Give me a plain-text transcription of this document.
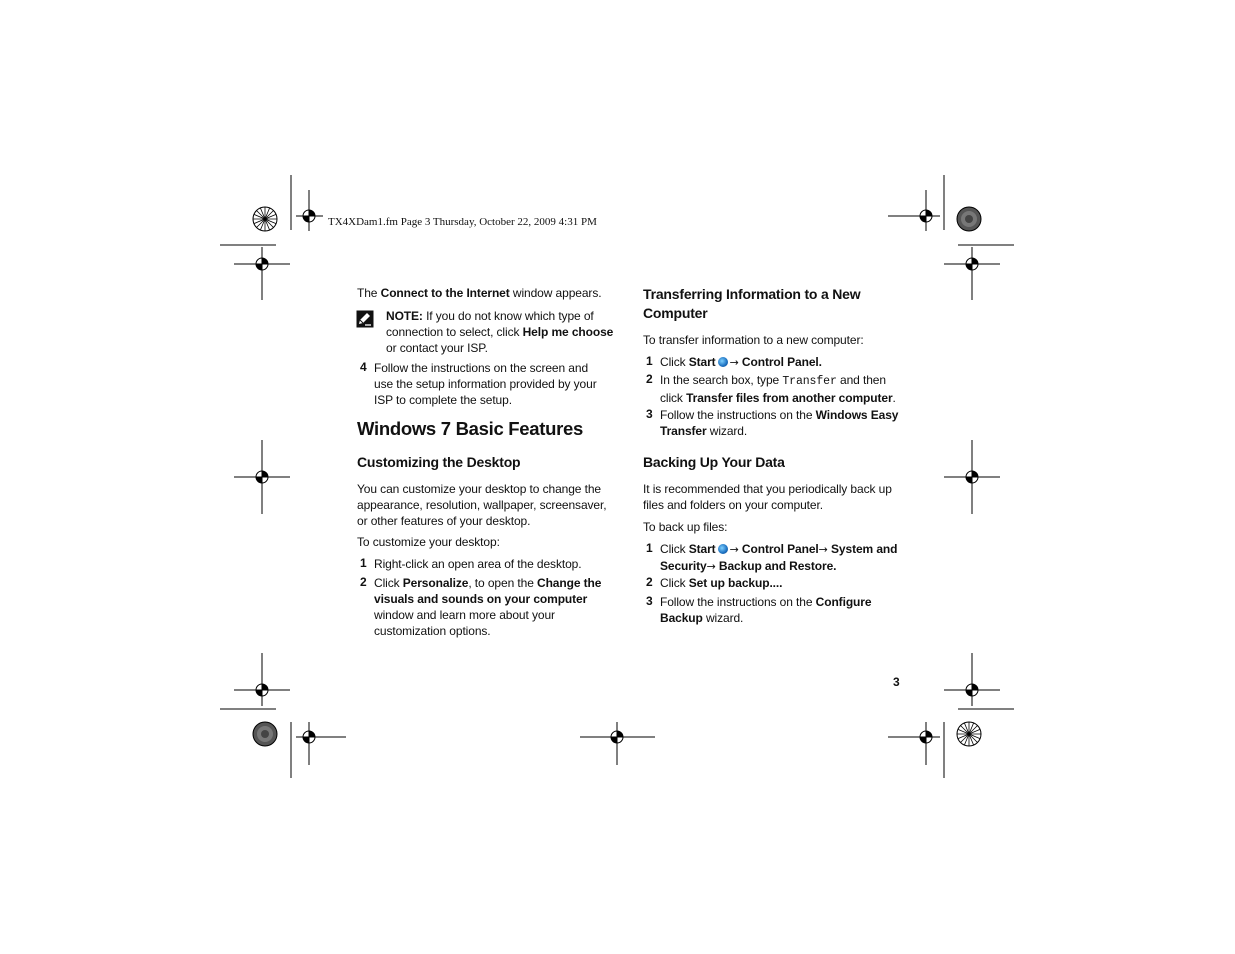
TX4XDam1.fm Page 3 Thursday, October 22, 2009 4:31 PM
The Connect to the Internet window appears.
NOTE: If you do not know which type of connection to select, click Help me choose or contact your ISP.
4 Follow the instructions on the screen and use the setup information provided by your ISP to complete the setup.
Windows 7 Basic Features
Customizing the Desktop
You can customize your desktop to change the appearance, resolution, wallpaper, screensaver, or other features of your desktop.
To customize your desktop:
1 Right-click an open area of the desktop.
2 Click Personalize, to open the Change the visuals and sounds on your computer window and learn more about your customization options.
Transferring Information to a New Computer
To transfer information to a new computer:
1 Click Start → Control Panel.
2 In the search box, type Transfer and then click Transfer files from another computer.
3 Follow the instructions on the Windows Easy Transfer wizard.
Backing Up Your Data
It is recommended that you periodically back up files and folders on your computer.
To back up files:
1 Click Start → Control Panel→ System and Security→ Backup and Restore.
2 Click Set up backup....
3 Follow the instructions on the Configure Backup wizard.
3
